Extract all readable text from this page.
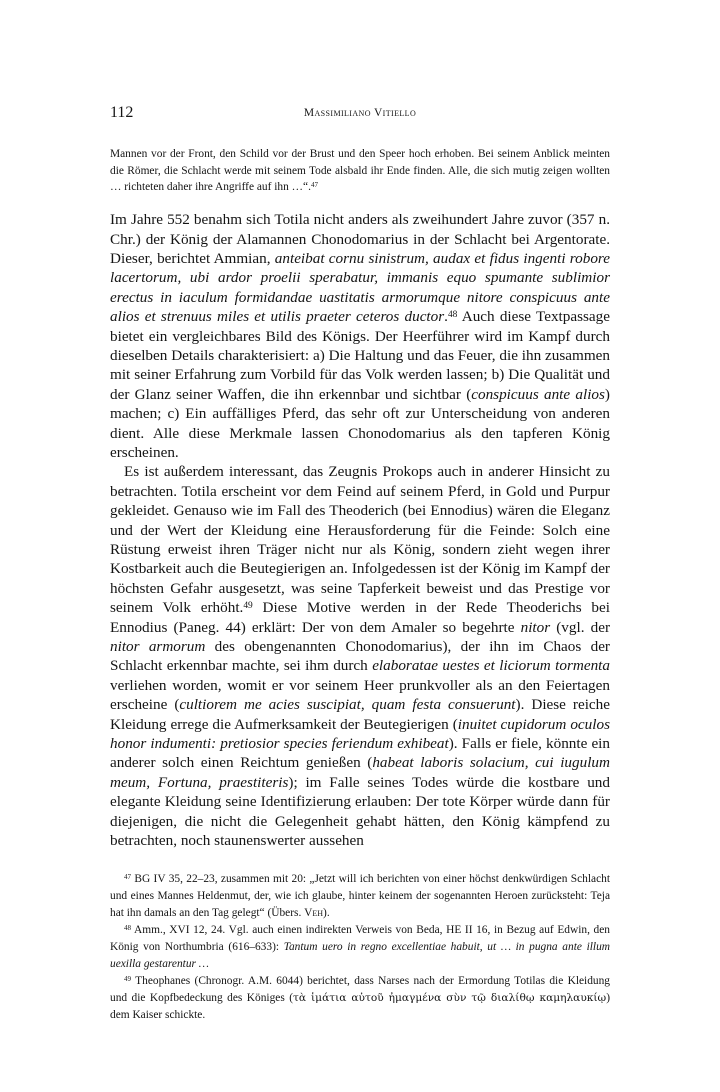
112	Massimiliano Vitiello
Mannen vor der Front, den Schild vor der Brust und den Speer hoch erhoben. Bei seinem Anblick meinten die Römer, die Schlacht werde mit seinem Tode alsbald ihr Ende finden. Alle, die sich mutig zeigen wollten … richteten daher ihre Angriffe auf ihn …“.$^{47}$

Im Jahre 552 benahm sich Totila nicht anders als zweihundert Jahre zuvor (357 n. Chr.) der König der Alamannen Chonodomarius in der Schlacht bei Argentorate. Dieser, berichtet Ammian, anteibat cornu sinistrum, audax et fidus ingenti robore lacertorum, ubi ardor proelii sperabatur, immanis equo spumante sublimior erectus in iaculum formidandae uastitatis armorumque nitore conspicuus ante alios et strenuus miles et utilis praeter ceteros ductor.$^{48}$ Auch diese Textpassage bietet ein vergleichbares Bild des Königs. Der Heerführer wird im Kampf durch dieselben Details charakterisiert: a) Die Haltung und das Feuer, die ihn zusammen mit seiner Erfahrung zum Vorbild für das Volk werden lassen; b) Die Qualität und der Glanz seiner Waffen, die ihn erkennbar und sichtbar (conspicuus ante alios) machen; c) Ein auffälliges Pferd, das sehr oft zur Unterscheidung von anderen dient. Alle diese Merkmale lassen Chonodomarius als den tapferen König erscheinen.

Es ist außerdem interessant, das Zeugnis Prokops auch in anderer Hinsicht zu betrachten. Totila erscheint vor dem Feind auf seinem Pferd, in Gold und Purpur gekleidet. Genauso wie im Fall des Theoderich (bei Ennodius) wären die Eleganz und der Wert der Kleidung eine Herausforderung für die Feinde: Solch eine Rüstung erweist ihren Träger nicht nur als König, sondern zieht wegen ihrer Kostbarkeit auch die Beutegierigen an. Infolgedessen ist der König im Kampf der höchsten Gefahr ausgesetzt, was seine Tapferkeit beweist und das Prestige vor seinem Volk erhöht.$^{49}$ Diese Motive werden in der Rede Theoderichs bei Ennodius (Paneg. 44) erklärt: Der von dem Amaler so begehrte nitor (vgl. der nitor armorum des obengenannten Chonodomarius), der ihn im Chaos der Schlacht erkennbar machte, sei ihm durch elaboratae uestes et liciorum tormenta verliehen worden, womit er vor seinem Heer prunkvoller als an den Feiertagen erscheine (cultiorem me acies suscipiat, quam festa consuerunt). Diese reiche Kleidung errege die Aufmerksamkeit der Beutegierigen (inuitet cupidorum oculos honor indumenti: pretiosior species feriendum exhibeat). Falls er fiele, könnte ein anderer solch einen Reichtum genießen (habeat laboris solacium, cui iugulum meum, Fortuna, praestiteris); im Falle seines Todes würde die kostbare und elegante Kleidung seine Identifizierung erlauben: Der tote Körper würde dann für diejenigen, die nicht die Gelegenheit gehabt hätten, den König kämpfend zu betrachten, noch staunenswerter aussehen

$^{47}$ BG IV 35, 22–23, zusammen mit 20: „Jetzt will ich berichten von einer höchst denkwürdigen Schlacht und eines Mannes Heldenmut, der, wie ich glaube, hinter keinem der sogenannten Heroen zurücksteht: Teja hat ihn damals an den Tag gelegt“ (Übers. Veh).

$^{48}$ Amm., XVI 12, 24. Vgl. auch einen indirekten Verweis von Beda, HE II 16, in Bezug auf Edwin, den König von Northumbria (616–633): Tantum uero in regno excellentiae habuit, ut … in pugna ante illum uexilla gestarentur …

$^{49}$ Theophanes (Chronogr. A.M. 6044) berichtet, dass Narses nach der Ermordung Totilas die Kleidung und die Kopfbedeckung des Königes (τὰ ἱμάτια αὐτοῦ ἠμαγμένα σὺν τῷ διαλίθῳ καμηλαυκίῳ) dem Kaiser schickte.
